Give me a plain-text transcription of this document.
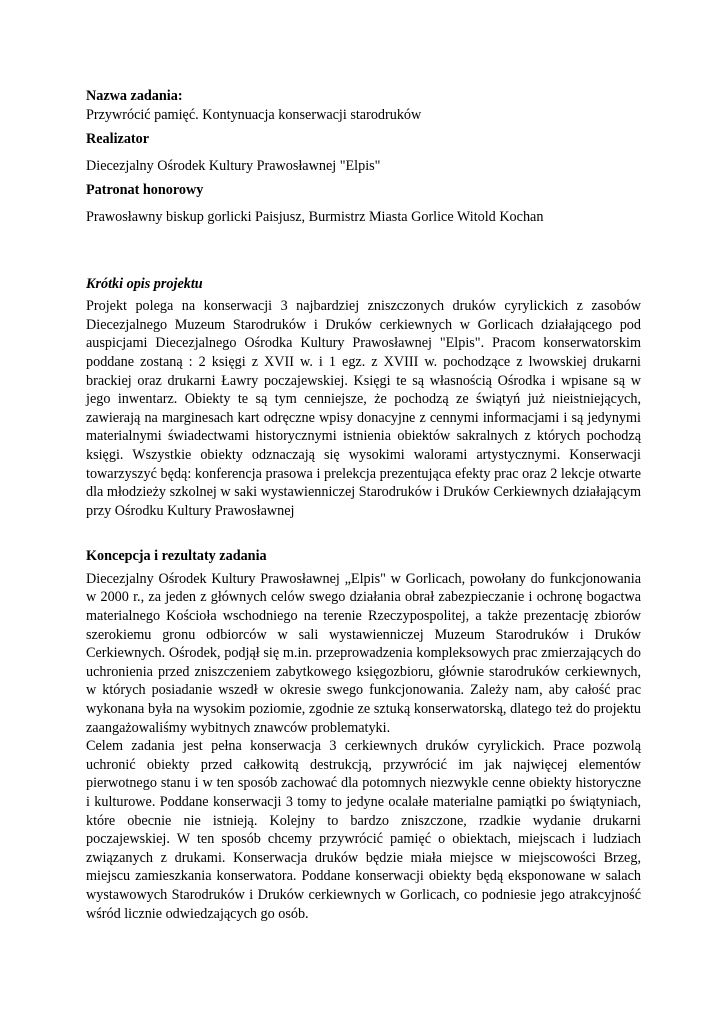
Nazwa zadania:

Przywrócić pamięć. Kontynuacja konserwacji starodruków

Realizator

Diecezjalny Ośrodek Kultury Prawosławnej "Elpis"

Patronat honorowy

Prawosławny biskup gorlicki Paisjusz, Burmistrz Miasta Gorlice Witold Kochan

Krótki opis projektu

Projekt polega na konserwacji 3 najbardziej zniszczonych druków cyrylickich z zasobów Diecezjalnego Muzeum Starodruków i Druków cerkiewnych w Gorlicach działającego pod auspicjami Diecezjalnego Ośrodka Kultury Prawosławnej "Elpis". Pracom konserwatorskim poddane zostaną : 2 księgi z XVII w. i 1 egz. z XVIII w. pochodzące z lwowskiej drukarni brackiej oraz drukarni Ławry poczajewskiej. Księgi te są własnością Ośrodka i wpisane są w jego inwentarz. Obiekty te są tym cenniejsze, że pochodzą ze świątyń już nieistniejących, zawierają na marginesach kart odręczne wpisy donacyjne z cennymi informacjami i są jedynymi materialnymi świadectwami historycznymi istnienia obiektów sakralnych z których pochodzą księgi. Wszystkie obiekty odznaczają się wysokimi walorami artystycznymi. Konserwacji towarzyszyć będą: konferencja prasowa i prelekcja prezentująca efekty prac oraz 2 lekcje otwarte dla młodzieży szkolnej w saki wystawienniczej Starodruków i Druków Cerkiewnych działającym przy Ośrodku Kultury Prawosławnej

Koncepcja i rezultaty zadania

Diecezjalny Ośrodek Kultury Prawosławnej „Elpis" w Gorlicach, powołany do funkcjonowania w 2000 r., za jeden z głównych celów swego działania obrał zabezpieczanie i ochronę bogactwa materialnego Kościoła wschodniego na terenie Rzeczypospolitej, a także prezentację zbiorów szerokiemu gronu odbiorców w sali wystawienniczej Muzeum Starodruków i Druków Cerkiewnych. Ośrodek, podjął się m.in. przeprowadzenia kompleksowych prac zmierzających do uchronienia przed zniszczeniem zabytkowego księgozbioru, głównie starodruków cerkiewnych, w których posiadanie wszedł w okresie swego funkcjonowania. Zależy nam, aby całość prac wykonana była na wysokim poziomie, zgodnie ze sztuką konserwatorską, dlatego też do projektu zaangażowaliśmy wybitnych znawców problematyki.

Celem zadania jest pełna konserwacja 3 cerkiewnych druków cyrylickich. Prace pozwolą uchronić obiekty przed całkowitą destrukcją, przywrócić im jak najwięcej elementów pierwotnego stanu i w ten sposób zachować dla potomnych niezwykle cenne obiekty historyczne i kulturowe. Poddane konserwacji 3 tomy to jedyne ocalałe materialne pamiątki po świątyniach, które obecnie nie istnieją. Kolejny to bardzo zniszczone, rzadkie wydanie drukarni poczajewskiej. W ten sposób chcemy przywrócić pamięć o obiektach, miejscach i ludziach związanych z drukami. Konserwacja druków będzie miała miejsce w miejscowości Brzeg, miejscu zamieszkania konserwatora. Poddane konserwacji obiekty będą eksponowane w salach wystawowych Starodruków i Druków cerkiewnych w Gorlicach, co podniesie jego atrakcyjność wśród licznie odwiedzających go osób.
